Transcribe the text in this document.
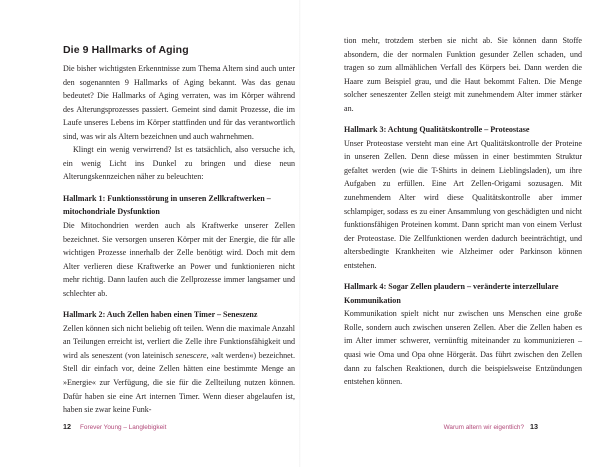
Die 9 Hallmarks of Aging

Die bisher wichtigsten Erkenntnisse zum Thema Altern sind auch unter den sogenannten 9 Hallmarks of Aging bekannt. Was das genau bedeutet? Die Hallmarks of Aging verraten, was im Körper während des Alterungsprozesses passiert. Gemeint sind damit Prozesse, die im Laufe unseres Lebens im Körper stattfinden und für das verantwortlich sind, was wir als Altern bezeichnen und auch wahrnehmen.

Klingt ein wenig verwirrend? Ist es tatsächlich, also versuche ich, ein wenig Licht ins Dunkel zu bringen und diese neun Alterungskennzeichen näher zu beleuchten:

Hallmark 1: Funktionsstörung in unseren Zellkraftwerken – mitochondriale Dysfunktion

Die Mitochondrien werden auch als Kraftwerke unserer Zellen bezeichnet. Sie versorgen unseren Körper mit der Energie, die für alle wichtigen Prozesse innerhalb der Zelle benötigt wird. Doch mit dem Alter verlieren diese Kraftwerke an Power und funktionieren nicht mehr richtig. Dann laufen auch die Zellprozesse immer langsamer und schlechter ab.

Hallmark 2: Auch Zellen haben einen Timer – Seneszenz

Zellen können sich nicht beliebig oft teilen. Wenn die maximale Anzahl an Teilungen erreicht ist, verliert die Zelle ihre Funktionsfähigkeit und wird als seneszent (von lateinisch senescere, »alt werden«) bezeichnet. Stell dir einfach vor, deine Zellen hätten eine bestimmte Menge an »Energie« zur Verfügung, die sie für die Zellteilung nutzen können. Dafür haben sie eine Art internen Timer. Wenn dieser abgelaufen ist, haben sie zwar keine Funk-

12 Forever Young – Langlebigkeit

tion mehr, trotzdem sterben sie nicht ab. Sie können dann Stoffe absondern, die der normalen Funktion gesunder Zellen schaden, und tragen so zum allmählichen Verfall des Körpers bei. Dann werden die Haare zum Beispiel grau, und die Haut bekommt Falten. Die Menge solcher seneszenter Zellen steigt mit zunehmendem Alter immer stärker an.

Hallmark 3: Achtung Qualitätskontrolle – Proteostase

Unser Proteostase versteht man eine Art Qualitätskontrolle der Proteine in unseren Zellen. Denn diese müssen in einer bestimmten Struktur gefaltet werden (wie die T-Shirts in deinem Lieblingsladen), um ihre Aufgaben zu erfüllen. Eine Art Zellen-Origami sozusagen. Mit zunehmendem Alter wird diese Qualitätskontrolle aber immer schlampiger, sodass es zu einer Ansammlung von geschädigten und nicht funktionsfähigen Proteinen kommt. Dann spricht man von einem Verlust der Proteostase. Die Zellfunktionen werden dadurch beeinträchtigt, und altersbedingte Krankheiten wie Alzheimer oder Parkinson können entstehen.

Hallmark 4: Sogar Zellen plaudern – veränderte interzellulare Kommunikation

Kommunikation spielt nicht nur zwischen uns Menschen eine große Rolle, sondern auch zwischen unseren Zellen. Aber die Zellen haben es im Alter immer schwerer, vernünftig miteinander zu kommunizieren – quasi wie Oma und Opa ohne Hörgerät. Das führt zwischen den Zellen dann zu falschen Reaktionen, durch die beispielsweise Entzündungen entstehen können.

Warum altern wir eigentlich? 13
